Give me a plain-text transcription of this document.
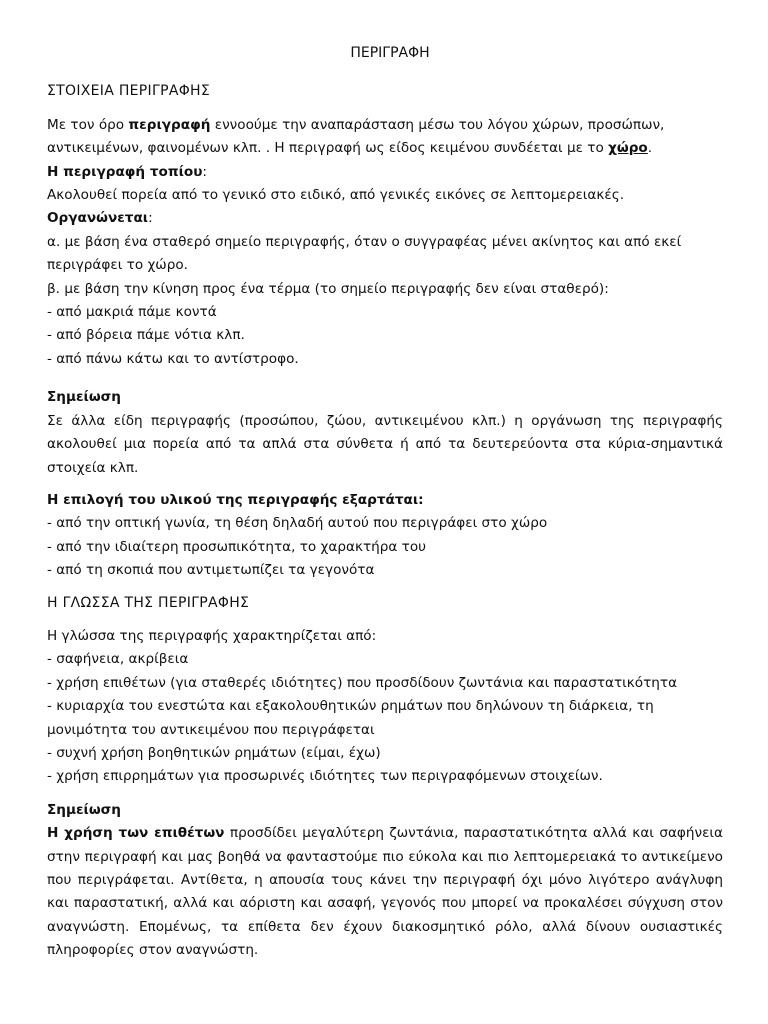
ΠΕΡΙΓΡΑΦΗ
ΣΤΟΙΧΕΙΑ ΠΕΡΙΓΡΑΦΗΣ
Με τον όρο περιγραφή εννοούμε την αναπαράσταση μέσω του λόγου χώρων, προσώπων,
αντικειμένων, φαινομένων κλπ. . Η περιγραφή ως είδος κειμένου συνδέεται με το χώρο.
Η περιγραφή τοπίου:
Ακολουθεί πορεία από το γενικό στο ειδικό, από γενικές εικόνες σε λεπτομερειακές.
Οργανώνεται:
α. με βάση ένα σταθερό σημείο περιγραφής, όταν ο συγγραφέας μένει ακίνητος και από εκεί
περιγράφει το χώρο.
β. με βάση την κίνηση προς ένα τέρμα (το σημείο περιγραφής δεν είναι σταθερό):
- από μακριά πάμε κοντά
- από βόρεια πάμε νότια κλπ.
- από πάνω κάτω και το αντίστροφο.
Σημείωση
Σε άλλα είδη περιγραφής (προσώπου, ζώου, αντικειμένου κλπ.) η οργάνωση της περιγραφής ακολουθεί μια πορεία από τα απλά στα σύνθετα ή από τα δευτερεύοντα στα κύρια-σημαντικά στοιχεία κλπ.
Η επιλογή του υλικού της περιγραφής εξαρτάται:
- από την οπτική γωνία, τη θέση δηλαδή αυτού που περιγράφει στο χώρο
- από την ιδιαίτερη προσωπικότητα, το χαρακτήρα του
- από τη σκοπιά που αντιμετωπίζει τα γεγονότα
Η ΓΛΩΣΣΑ ΤΗΣ ΠΕΡΙΓΡΑΦΗΣ
Η γλώσσα της περιγραφής χαρακτηρίζεται από:
- σαφήνεια, ακρίβεια
- χρήση επιθέτων (για σταθερές ιδιότητες) που προσδίδουν ζωντάνια και παραστατικότητα
- κυριαρχία του ενεστώτα και εξακολουθητικών ρημάτων που δηλώνουν τη διάρκεια, τη
μονιμότητα του αντικειμένου που περιγράφεται
- συχνή χρήση βοηθητικών ρημάτων (είμαι, έχω)
- χρήση επιρρημάτων για προσωρινές ιδιότητες των περιγραφόμενων στοιχείων.
Σημείωση
Η χρήση των επιθέτων προσδίδει μεγαλύτερη ζωντάνια, παραστατικότητα αλλά και σαφήνεια στην περιγραφή και μας βοηθά να φανταστούμε πιο εύκολα και πιο λεπτομερειακά το αντικείμενο που περιγράφεται. Αντίθετα, η απουσία τους κάνει την περιγραφή όχι μόνο λιγότερο ανάγλυφη και παραστατική, αλλά και αόριστη και ασαφή, γεγονός που μπορεί να προκαλέσει σύγχυση στον αναγνώστη. Επομένως, τα επίθετα δεν έχουν διακοσμητικό ρόλο, αλλά δίνουν ουσιαστικές πληροφορίες στον αναγνώστη.
